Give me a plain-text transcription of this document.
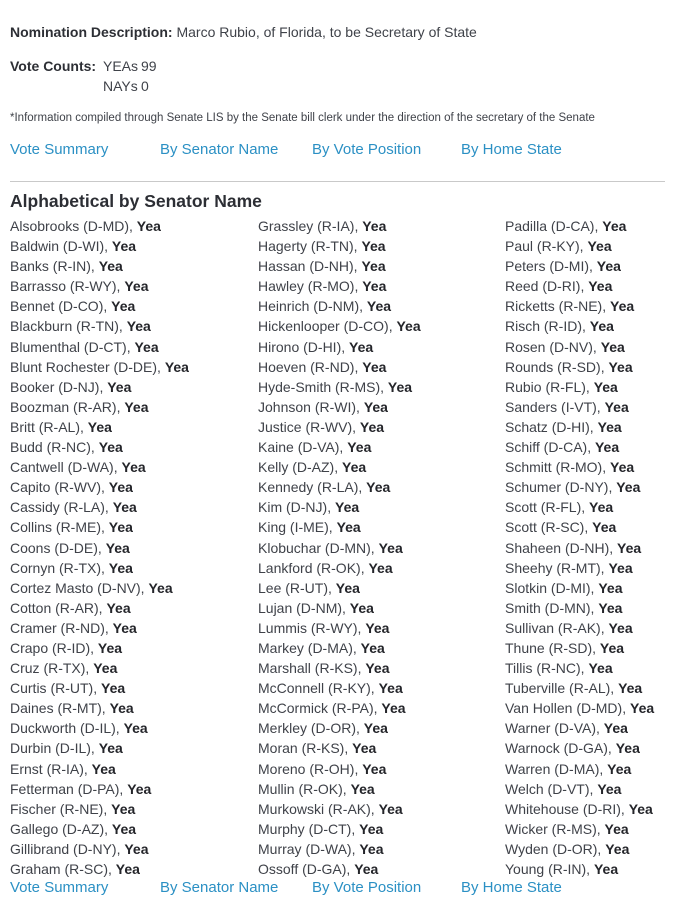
Nomination Description: Marco Rubio, of Florida, to be Secretary of State

Vote Counts: YEAs 99
NAYs 0

*Information compiled through Senate LIS by the Senate bill clerk under the direction of the secretary of the Senate

Vote Summary	By Senator Name	By Vote Position	By Home State
Alphabetical by Senator Name
Alsobrooks (D-MD), Yea
Baldwin (D-WI), Yea
Banks (R-IN), Yea
Barrasso (R-WY), Yea
Bennet (D-CO), Yea
Blackburn (R-TN), Yea
Blumenthal (D-CT), Yea
Blunt Rochester (D-DE), Yea
Booker (D-NJ), Yea
Boozman (R-AR), Yea
Britt (R-AL), Yea
Budd (R-NC), Yea
Cantwell (D-WA), Yea
Capito (R-WV), Yea
Cassidy (R-LA), Yea
Collins (R-ME), Yea
Coons (D-DE), Yea
Cornyn (R-TX), Yea
Cortez Masto (D-NV), Yea
Cotton (R-AR), Yea
Cramer (R-ND), Yea
Crapo (R-ID), Yea
Cruz (R-TX), Yea
Curtis (R-UT), Yea
Daines (R-MT), Yea
Duckworth (D-IL), Yea
Durbin (D-IL), Yea
Ernst (R-IA), Yea
Fetterman (D-PA), Yea
Fischer (R-NE), Yea
Gallego (D-AZ), Yea
Gillibrand (D-NY), Yea
Graham (R-SC), Yea
Grassley (R-IA), Yea
Hagerty (R-TN), Yea
Hassan (D-NH), Yea
Hawley (R-MO), Yea
Heinrich (D-NM), Yea
Hickenlooper (D-CO), Yea
Hirono (D-HI), Yea
Hoeven (R-ND), Yea
Hyde-Smith (R-MS), Yea
Johnson (R-WI), Yea
Justice (R-WV), Yea
Kaine (D-VA), Yea
Kelly (D-AZ), Yea
Kennedy (R-LA), Yea
Kim (D-NJ), Yea
King (I-ME), Yea
Klobuchar (D-MN), Yea
Lankford (R-OK), Yea
Lee (R-UT), Yea
Lujan (D-NM), Yea
Lummis (R-WY), Yea
Markey (D-MA), Yea
Marshall (R-KS), Yea
McConnell (R-KY), Yea
McCormick (R-PA), Yea
Merkley (D-OR), Yea
Moran (R-KS), Yea
Moreno (R-OH), Yea
Mullin (R-OK), Yea
Murkowski (R-AK), Yea
Murphy (D-CT), Yea
Murray (D-WA), Yea
Ossoff (D-GA), Yea
Padilla (D-CA), Yea
Paul (R-KY), Yea
Peters (D-MI), Yea
Reed (D-RI), Yea
Ricketts (R-NE), Yea
Risch (R-ID), Yea
Rosen (D-NV), Yea
Rounds (R-SD), Yea
Rubio (R-FL), Yea
Sanders (I-VT), Yea
Schatz (D-HI), Yea
Schiff (D-CA), Yea
Schmitt (R-MO), Yea
Schumer (D-NY), Yea
Scott (R-FL), Yea
Scott (R-SC), Yea
Shaheen (D-NH), Yea
Sheehy (R-MT), Yea
Slotkin (D-MI), Yea
Smith (D-MN), Yea
Sullivan (R-AK), Yea
Thune (R-SD), Yea
Tillis (R-NC), Yea
Tuberville (R-AL), Yea
Van Hollen (D-MD), Yea
Warner (D-VA), Yea
Warnock (D-GA), Yea
Warren (D-MA), Yea
Welch (D-VT), Yea
Whitehouse (D-RI), Yea
Wicker (R-MS), Yea
Wyden (D-OR), Yea
Young (R-IN), Yea
Vote Summary	By Senator Name	By Vote Position	By Home State
